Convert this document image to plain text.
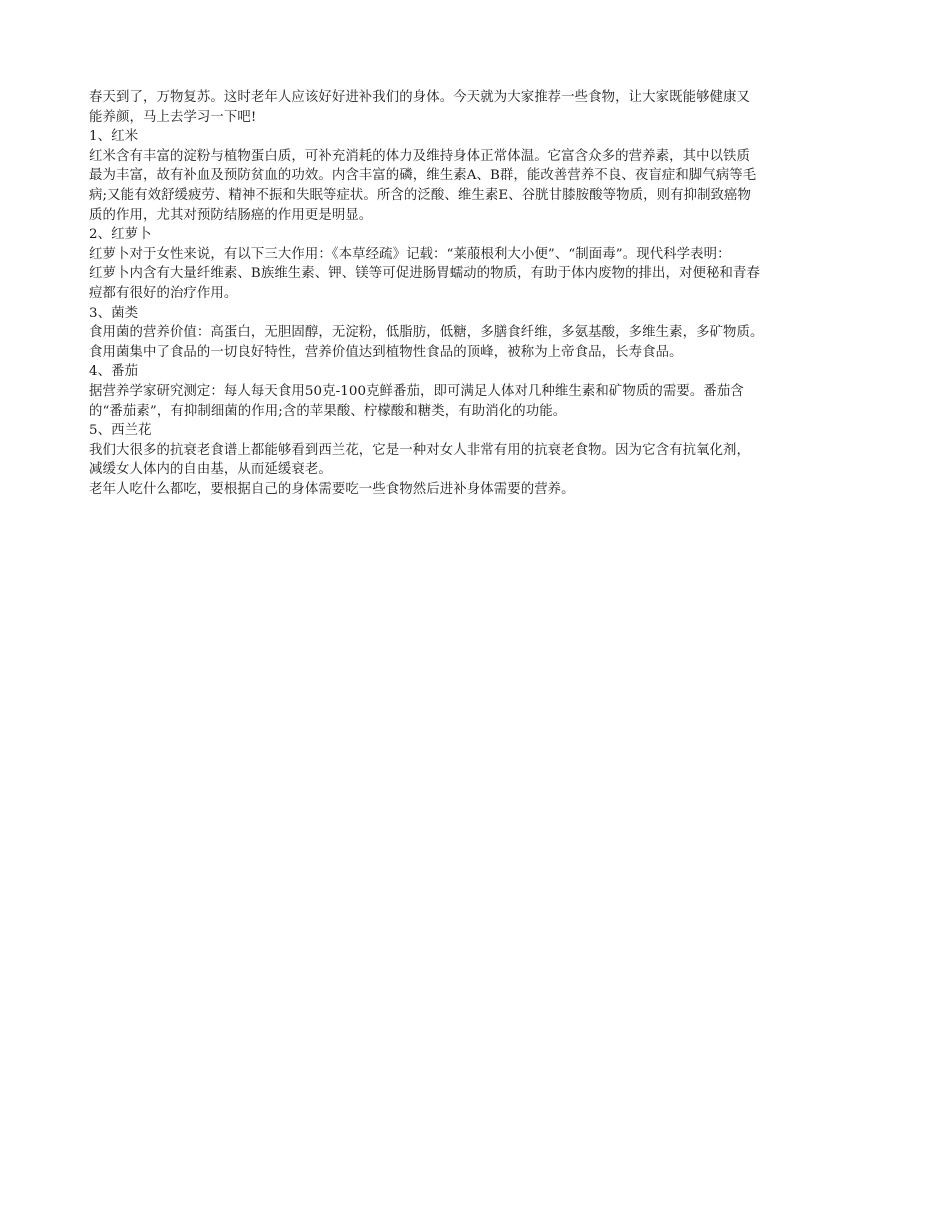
春天到了，万物复苏。这时老年人应该好好进补我们的身体。今天就为大家推荐一些食物，让大家既能够健康又
能养颜，马上去学习一下吧!
1、红米
红米含有丰富的淀粉与植物蛋白质，可补充消耗的体力及维持身体正常体温。它富含众多的营养素，其中以铁质
最为丰富，故有补血及预防贫血的功效。内含丰富的磷，维生素A、B群，能改善营养不良、夜盲症和脚气病等毛
病;又能有效舒缓疲劳、精神不振和失眠等症状。所含的泛酸、维生素E、谷胱甘膝胺酸等物质，则有抑制致癌物
质的作用，尤其对预防结肠癌的作用更是明显。
2、红萝卜
红萝卜对于女性来说，有以下三大作用：《本草经疏》记载：“莱菔根利大小便”、“制面毒”。现代科学表明：
红萝卜内含有大量纤维素、B族维生素、钾、镁等可促进肠胃蠕动的物质，有助于体内废物的排出，对便秘和青春
痘都有很好的治疗作用。
3、菌类
食用菌的营养价值：高蛋白，无胆固醇，无淀粉，低脂肪，低糖，多膳食纤维，多氨基酸，多维生素，多矿物质。
食用菌集中了食品的一切良好特性，营养价值达到植物性食品的顶峰，被称为上帝食品，长寿食品。
4、番茄
据营养学家研究测定：每人每天食用50克-100克鲜番茄，即可满足人体对几种维生素和矿物质的需要。番茄含
的“番茄素”，有抑制细菌的作用;含的苹果酸、柠檬酸和糖类，有助消化的功能。
5、西兰花
我们大很多的抗衰老食谱上都能够看到西兰花，它是一种对女人非常有用的抗衰老食物。因为它含有抗氧化剂，
减缓女人体内的自由基，从而延缓衰老。
老年人吃什么都吃，要根据自己的身体需要吃一些食物然后进补身体需要的营养。
